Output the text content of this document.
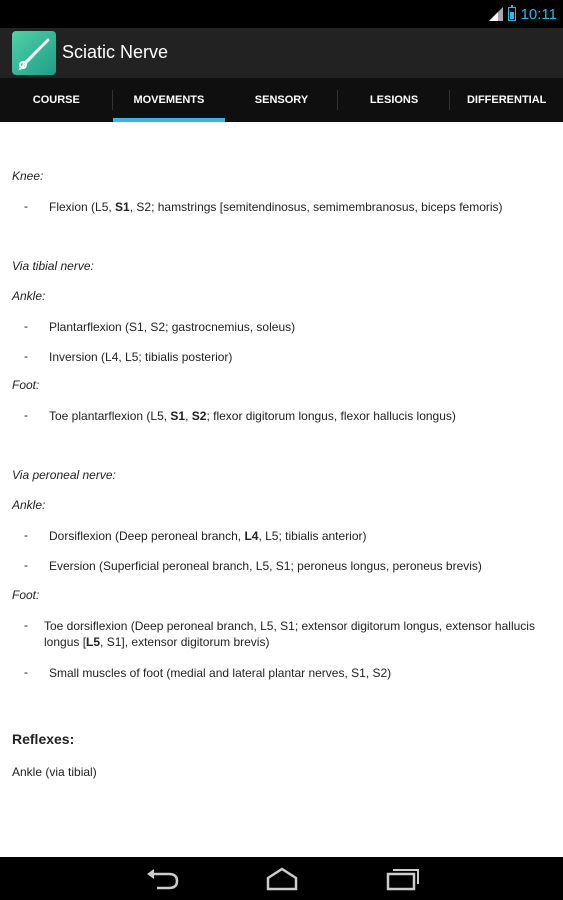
10:11
Sciatic Nerve
COURSE	MOVEMENTS	SENSORY	LESIONS	DIFFERENTIAL
Knee:
- Flexion (L5, S1, S2; hamstrings [semitendinosus, semimembranosus, biceps femoris)
Via tibial nerve:
Ankle:
- Plantarflexion (S1, S2; gastrocnemius, soleus)
- Inversion (L4, L5; tibialis posterior)
Foot:
- Toe plantarflexion (L5, S1, S2; flexor digitorum longus, flexor hallucis longus)
Via peroneal nerve:
Ankle:
- Dorsiflexion (Deep peroneal branch, L4, L5; tibialis anterior)
- Eversion (Superficial peroneal branch, L5, S1; peroneus longus, peroneus brevis)
Foot:
- Toe dorsiflexion (Deep peroneal branch, L5, S1; extensor digitorum longus, extensor hallucis longus [L5, S1], extensor digitorum brevis)
- Small muscles of foot (medial and lateral plantar nerves, S1, S2)
Reflexes:
Ankle (via tibial)
